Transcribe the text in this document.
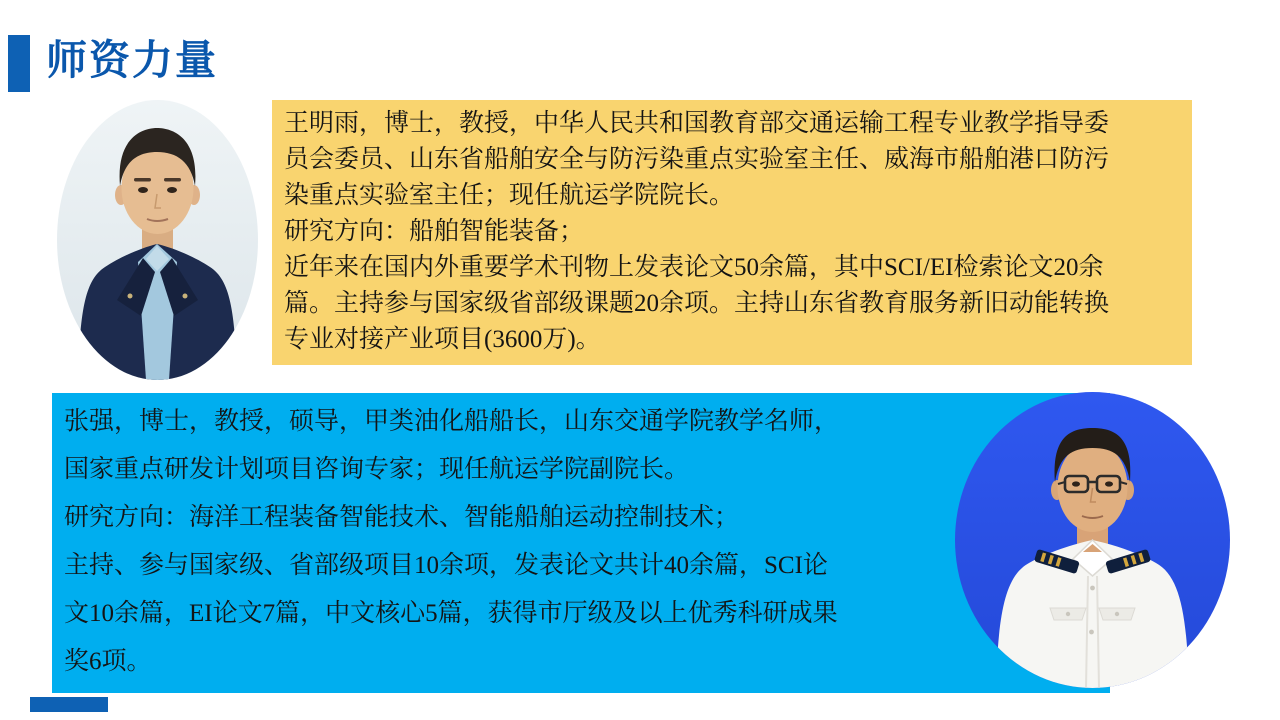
师资力量
王明雨，博士，教授，中华人民共和国教育部交通运输工程专业教学指导委
员会委员、山东省船舶安全与防污染重点实验室主任、威海市船舶港口防污
染重点实验室主任；现任航运学院院长。
研究方向：船舶智能装备；
近年来在国内外重要学术刊物上发表论文50余篇，其中SCI/EI检索论文20余
篇。主持参与国家级省部级课题20余项。主持山东省教育服务新旧动能转换
专业对接产业项目(3600万)。
张强，博士，教授，硕导，甲类油化船船长，山东交通学院教学名师，
国家重点研发计划项目咨询专家；现任航运学院副院长。
研究方向：海洋工程装备智能技术、智能船舶运动控制技术；
主持、参与国家级、省部级项目10余项，发表论文共计40余篇，SCI论
文10余篇，EI论文7篇，中文核心5篇，获得市厅级及以上优秀科研成果
奖6项。
